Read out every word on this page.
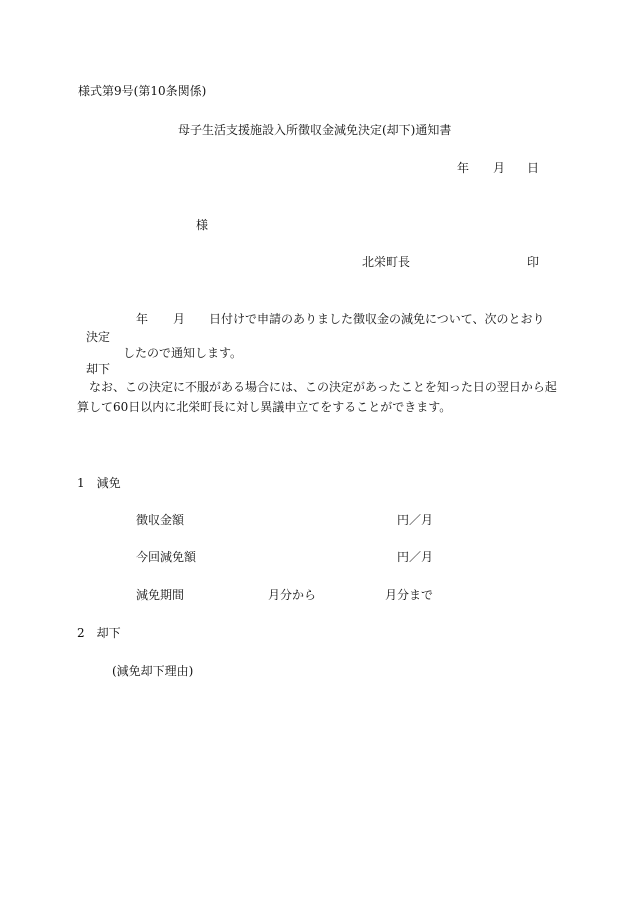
様式第9号(第10条関係)
母子生活支援施設入所徴収金減免決定(却下)通知書
年 月 日
様
北栄町長	印
年 月 日付けで申請のありました徴収金の減免について、次のとおり
決定
したので通知します。
却下
なお、この決定に不服がある場合には、この決定があったことを知った日の翌日から起
算して60日以内に北栄町長に対し異議申立てをすることができます。
1　減免
徴収金額	円／月
今回減免額	円／月
減免期間	月分から	月分まで
2　却下
(減免却下理由)
